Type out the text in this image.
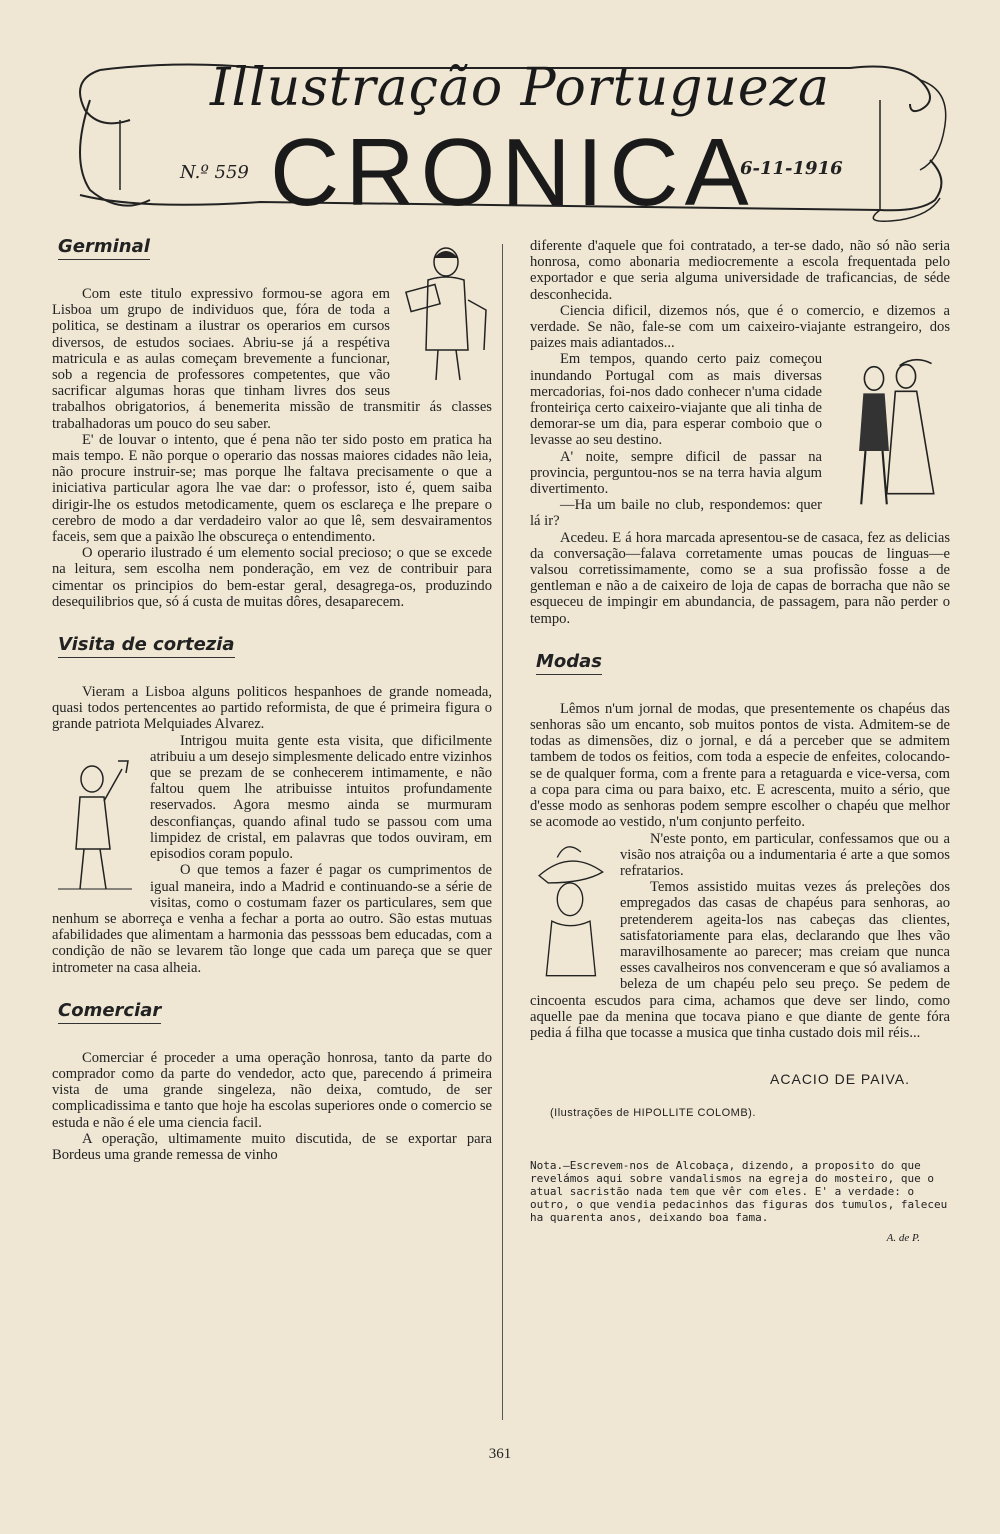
Illustração Portugueza
N.º 559 CRONICA
6-11-1916
Germinal

Com este titulo expressivo formou-se agora em Lisboa um grupo de individuos que, fóra de toda a politica, se destinam a ilustrar os operarios em cursos diversos, de estudos sociaes. Abriu-se já a respétiva matricula e as aulas começam brevemente a funcionar, sob a regencia de professores competentes, que vão sacrificar algumas horas que tinham livres dos seus trabalhos obrigatorios, á benemerita missão de transmitir ás classes trabalhadoras um pouco do seu saber.

E' de louvar o intento, que é pena não ter sido posto em pratica ha mais tempo. E não porque o operario das nossas maiores cidades não leia, não procure instruir-se; mas porque lhe faltava precisamente o que a iniciativa particular agora lhe vae dar: o professor, isto é, quem saiba dirigir-lhe os estudos metodicamente, quem os esclareça e lhe prepare o cerebro de modo a dar verdadeiro valor ao que lê, sem desvairamentos faceis, sem que a paixão lhe obscureça o entendimento.

O operario ilustrado é um elemento social precioso; o que se excede na leitura, sem escolha nem ponderação, em vez de contribuir para cimentar os principios do bem-estar geral, desagrega-os, produzindo desequilibrios que, só á custa de muitas dôres, desaparecem.

Visita de cortezia

Vieram a Lisboa alguns politicos hespanhoes de grande nomeada, quasi todos pertencentes ao partido reformista, de que é primeira figura o grande patriota Melquiades Alvarez.

Intrigou muita gente esta visita, que dificilmente atribuiu a um desejo simplesmente delicado entre vizinhos que se prezam de se conhecerem intimamente, e não faltou quem lhe atribuisse intuitos profundamente reservados. Agora mesmo ainda se murmuram desconfianças, quando afinal tudo se passou com uma limpidez de cristal, em palavras que todos ouviram, em episodios coram populo.

O que temos a fazer é pagar os cumprimentos de igual maneira, indo a Madrid e continuando-se a série de visitas, como o costumam fazer os particulares, sem que nenhum se aborreça e venha a fechar a porta ao outro. São estas mutuas afabilidades que alimentam a harmonia das pesssoas bem educadas, com a condição de não se levarem tão longe que cada um pareça que se quer intrometer na casa alheia.

Comerciar

Comerciar é proceder a uma operação honrosa, tanto da parte do comprador como da parte do vendedor, acto que, parecendo á primeira vista de uma grande singeleza, não deixa, comtudo, de ser complicadissima e tanto que hoje ha escolas superiores onde o comercio se estuda e não é ele uma ciencia facil.

A operação, ultimamente muito discutida, de se exportar para Bordeus uma grande remessa de vinho

diferente d'aquele que foi contratado, a ter-se dado, não só não seria honrosa, como abonaria mediocremente a escola frequentada pelo exportador e que seria alguma universidade de traficancias, de séde desconhecida.

Ciencia dificil, dizemos nós, que é o comercio, e dizemos a verdade. Se não, fale-se com um caixeiro-viajante estrangeiro, dos paizes mais adiantados...

Em tempos, quando certo paiz começou inundando Portugal com as mais diversas mercadorias, foi-nos dado conhecer n'uma cidade fronteiriça certo caixeiro-viajante que ali tinha de demorar-se um dia, para esperar comboio que o levasse ao seu destino.

A' noite, sempre dificil de passar na provincia, perguntou-nos se na terra havia algum divertimento.

—Ha um baile no club, respondemos: quer lá ir?

Acedeu. E á hora marcada apresentou-se de casaca, fez as delicias da conversação—falava corretamente umas poucas de linguas—e valsou corretissimamente, como se a sua profissão fosse a de gentleman e não a de caixeiro de loja de capas de borracha que não se esqueceu de impingir em abundancia, de passagem, para não perder o tempo.

Modas

Lêmos n'um jornal de modas, que presentemente os chapéus das senhoras são um encanto, sob muitos pontos de vista. Admitem-se de todas as dimensões, diz o jornal, e dá a perceber que se admitem tambem de todos os feitios, com toda a especie de enfeites, colocando-se de qualquer forma, com a frente para a retaguarda e vice-versa, com a copa para cima ou para baixo, etc. E acrescenta, muito a sério, que d'esse modo as senhoras podem sempre escolher o chapéu que melhor se acomode ao vestido, n'um conjunto perfeito.

N'este ponto, em particular, confessamos que ou a visão nos atraiçôa ou a indumentaria é arte a que somos refratarios.

Temos assistido muitas vezes ás preleções dos empregados das casas de chapéus para senhoras, ao pretenderem ageita-los nas cabeças das clientes, satisfatoriamente para elas, declarando que lhes vão maravilhosamente ao parecer; mas creiam que nunca esses cavalheiros nos convenceram e que só avaliamos a beleza de um chapéu pelo seu preço. Se pedem de cincoenta escudos para cima, achamos que deve ser lindo, como aquelle pae da menina que tocava piano e que diante de gente fóra pedia á filha que tocasse a musica que tinha custado dois mil réis...

ACACIO DE PAIVA.
(Ilustrações de HIPOLLITE COLOMB).

Nota.—Escrevem-nos de Alcobaça, dizendo, a proposito do que revelámos aqui sobre vandalismos na egreja do mosteiro, que o atual sacristão nada tem que vêr com eles. E' a verdade: o outro, o que vendia pedacinhos das figuras dos tumulos, faleceu ha quarenta anos, deixando boa fama.

A. de P.
361
